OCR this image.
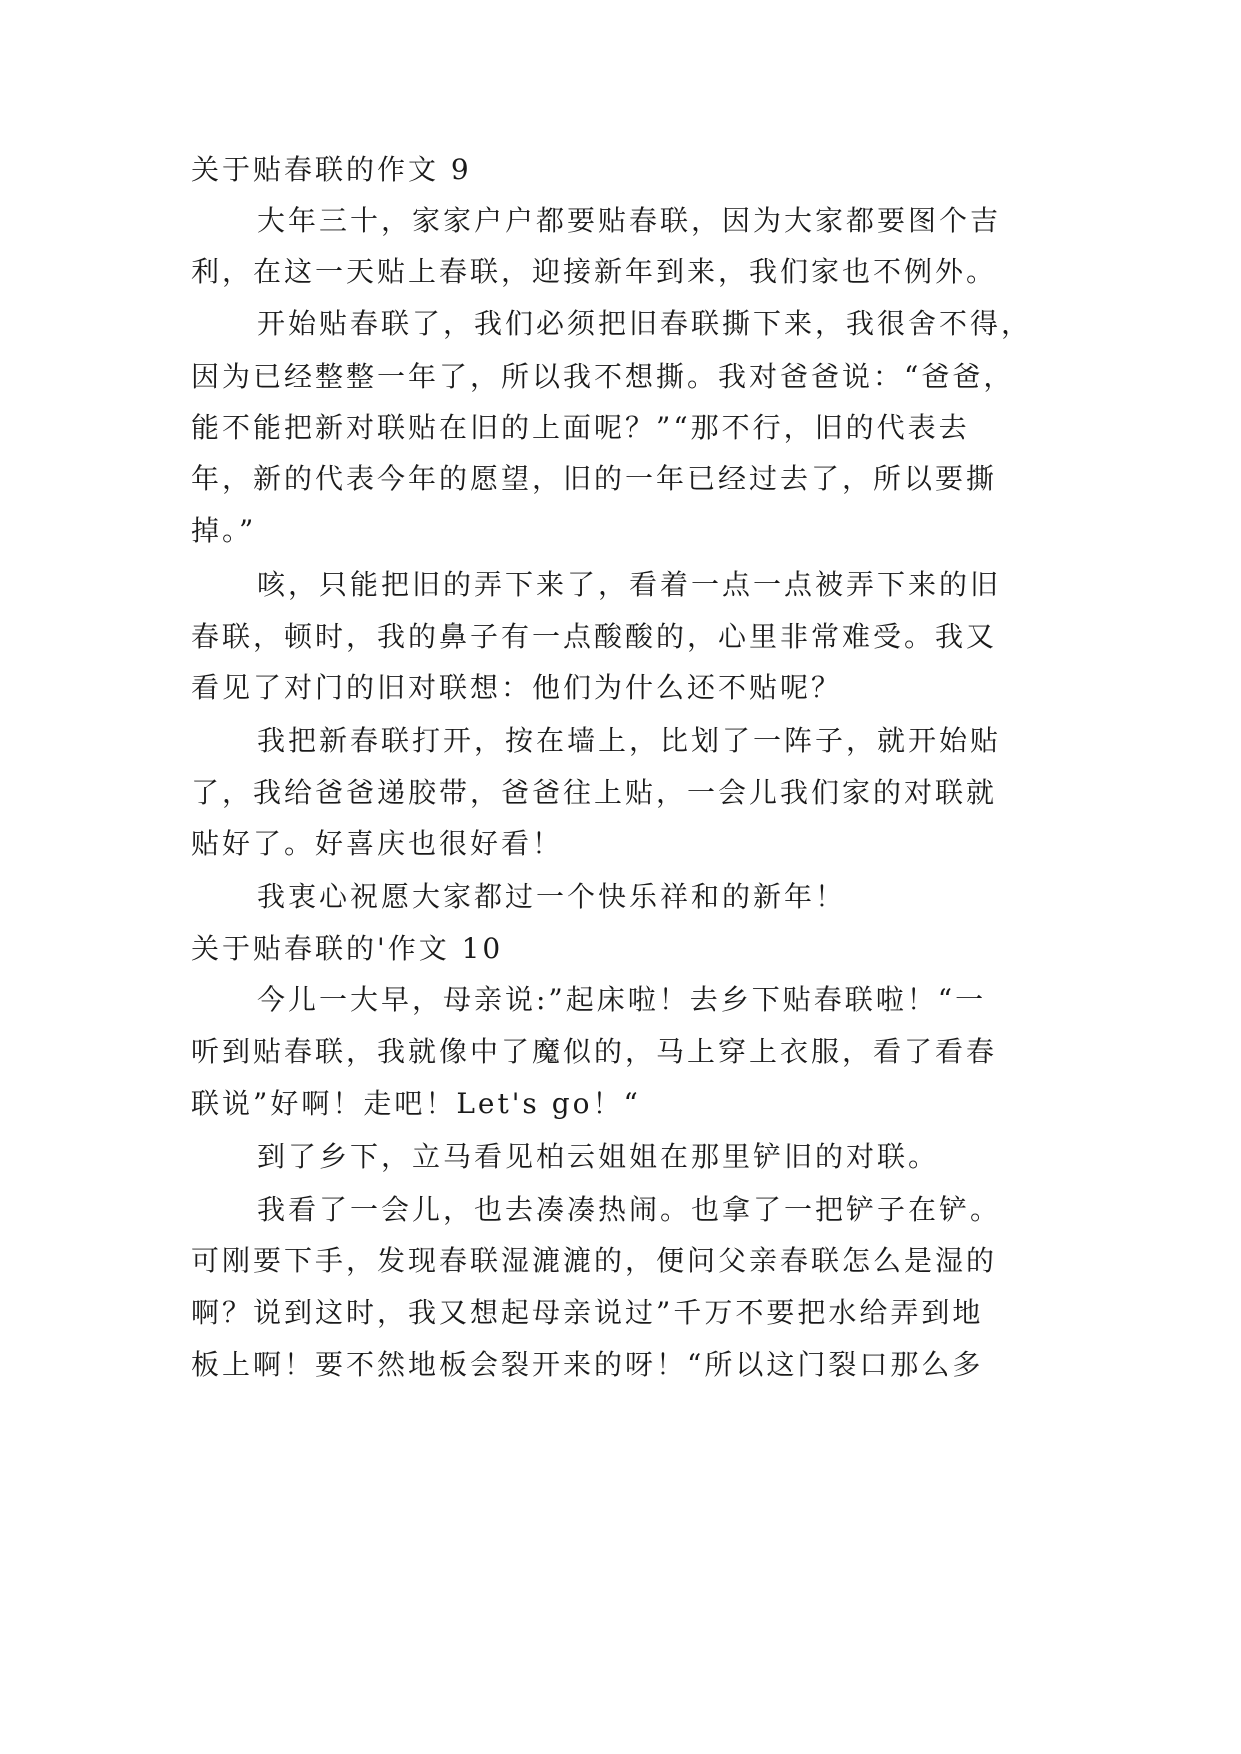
关于贴春联的作文 9
大年三十，家家户户都要贴春联，因为大家都要图个吉
利，在这一天贴上春联，迎接新年到来，我们家也不例外。
开始贴春联了，我们必须把旧春联撕下来，我很舍不得，
因为已经整整一年了，所以我不想撕。我对爸爸说：“爸爸，
能不能把新对联贴在旧的上面呢？”“那不行，旧的代表去
年，新的代表今年的愿望，旧的一年已经过去了，所以要撕
掉。”
咳，只能把旧的弄下来了，看着一点一点被弄下来的旧
春联，顿时，我的鼻子有一点酸酸的，心里非常难受。我又
看见了对门的旧对联想：他们为什么还不贴呢？
我把新春联打开，按在墙上，比划了一阵子，就开始贴
了，我给爸爸递胶带，爸爸往上贴，一会儿我们家的对联就
贴好了。好喜庆也很好看！
我衷心祝愿大家都过一个快乐祥和的新年！
关于贴春联的'作文 10
今儿一大早，母亲说:”起床啦！去乡下贴春联啦！“一
听到贴春联，我就像中了魔似的，马上穿上衣服，看了看春
联说”好啊！走吧！Let's go！“
到了乡下，立马看见柏云姐姐在那里铲旧的对联。
我看了一会儿，也去凑凑热闹。也拿了一把铲子在铲。
可刚要下手，发现春联湿漉漉的，便问父亲春联怎么是湿的
啊？说到这时，我又想起母亲说过”千万不要把水给弄到地
板上啊！要不然地板会裂开来的呀！“所以这门裂口那么多
